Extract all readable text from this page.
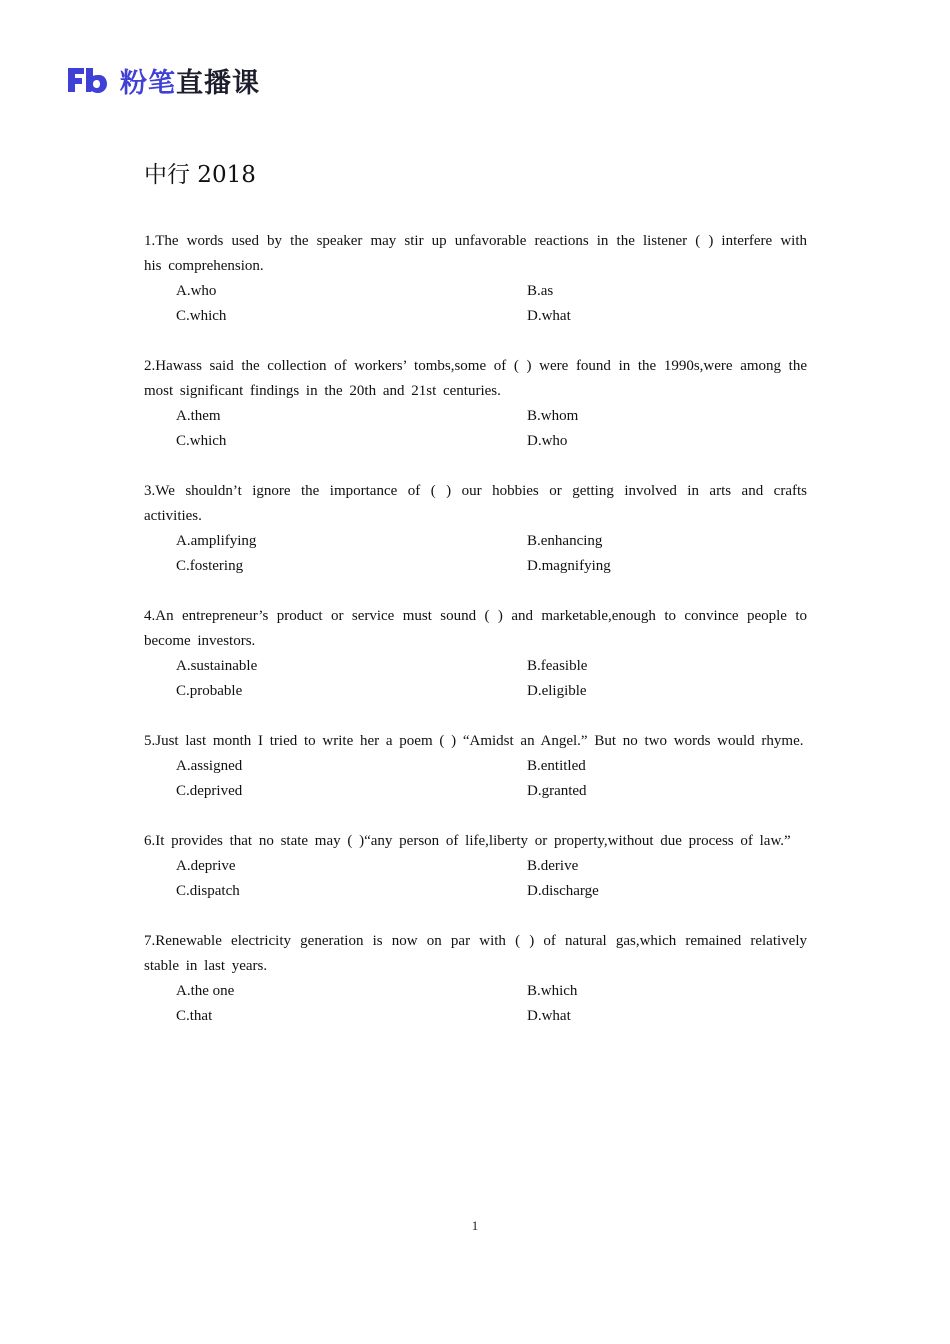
粉笔直播课
中行 2018
1.The words used by the speaker may stir up unfavorable reactions in the listener ( ) interfere with his comprehension.
A.who	B.as
C.which	D.what
2.Hawass said the collection of workers’ tombs,some of ( ) were found in the 1990s,were among the most significant findings in the 20th and 21st centuries.
A.them	B.whom
C.which	D.who
3.We shouldn’t ignore the importance of ( ) our hobbies or getting involved in arts and crafts activities.
A.amplifying	B.enhancing
C.fostering	D.magnifying
4.An entrepreneur’s product or service must sound ( ) and marketable,enough to convince people to become investors.
A.sustainable	B.feasible
C.probable	D.eligible
5.Just last month I tried to write her a poem ( ) “Amidst an Angel.” But no two words would rhyme.
A.assigned	B.entitled
C.deprived	D.granted
6.It provides that no state may ( )“any person of life,liberty or property,without due process of law.”
A.deprive	B.derive
C.dispatch	D.discharge
7.Renewable electricity generation is now on par with ( ) of natural gas,which remained relatively stable in last years.
A.the one	B.which
C.that	D.what
1
